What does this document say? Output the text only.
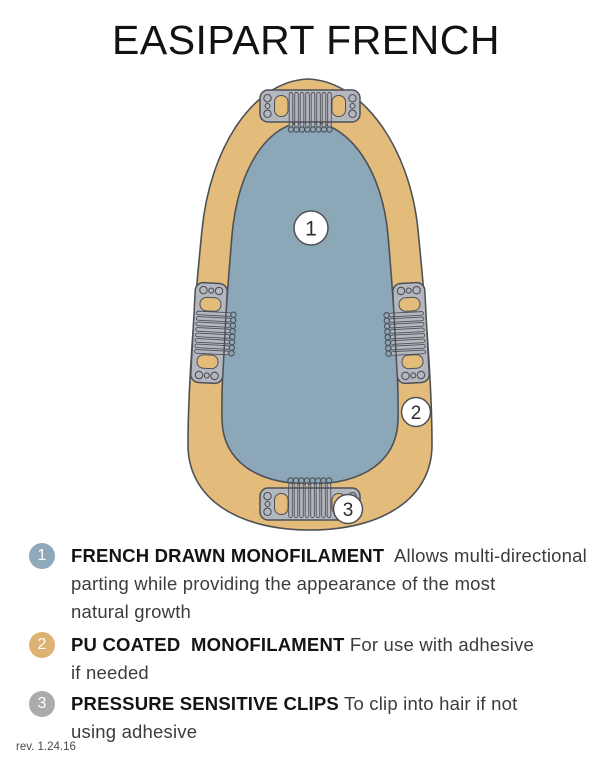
EASIPART FRENCH
1
2
3
1	FRENCH DRAWN MONOFILAMENT  Allows multi-directional
parting while providing the appearance of the most
natural growth
2	PU COATED  MONOFILAMENT For use with adhesive
if needed
3	PRESSURE SENSITIVE CLIPS To clip into hair if not
using adhesive
rev. 1.24.16
